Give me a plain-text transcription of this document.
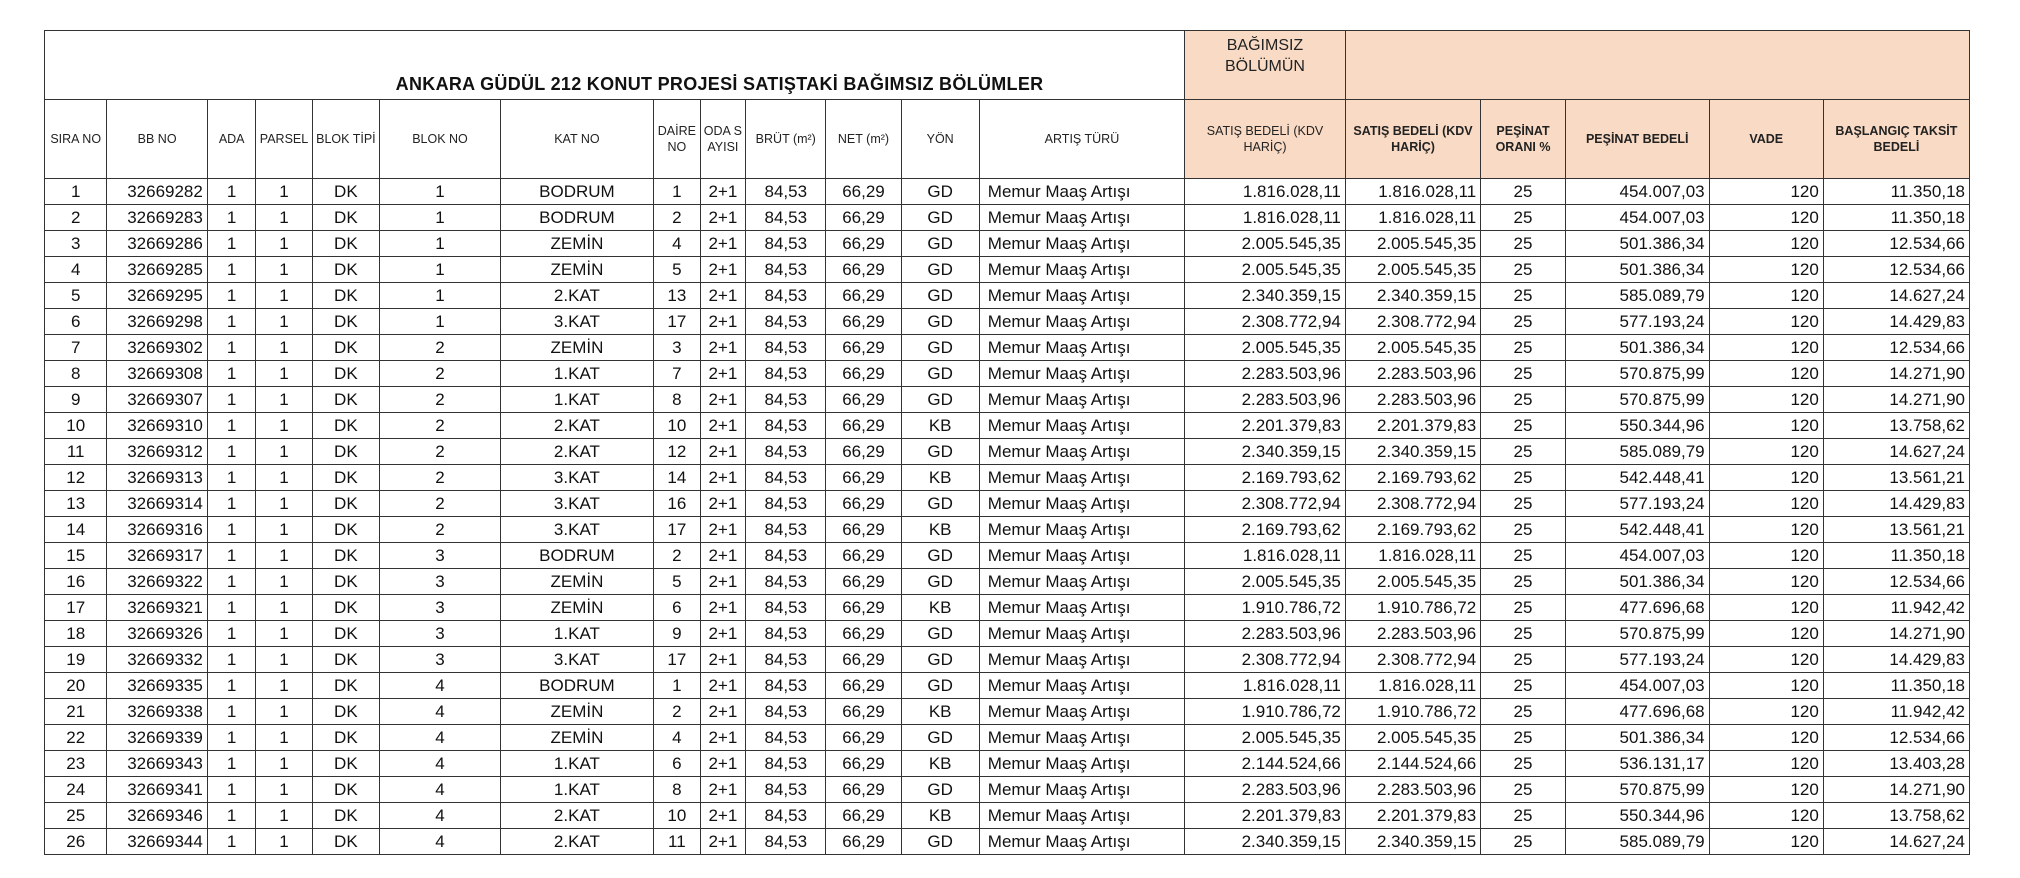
ANKARA GÜDÜL 212 KONUT PROJESİ SATIŞTAKİ BAĞIMSIZ BÖLÜMLER													BAĞIMSIZ BÖLÜMÜN					
SIRA NO	BB NO	ADA	PARSEL	BLOK TİPİ	BLOK NO	KAT NO	DAİRE NO	ODA SAYISI	BRÜT (m²)	NET (m²)	YÖN	ARTIŞ TÜRÜ	SATIŞ BEDELİ (KDV HARİÇ)	SATIŞ BEDELİ (KDV HARİÇ)	PEŞİNAT ORANI %	PEŞİNAT BEDELİ	VADE	BAŞLANGIÇ TAKSİT BEDELİ
1	32669282	1	1	DK	1	BODRUM	1	2+1	84,53	66,29	GD	Memur Maaş Artışı	1.816.028,11	1.816.028,11	25	454.007,03	120	11.350,18
2	32669283	1	1	DK	1	BODRUM	2	2+1	84,53	66,29	GD	Memur Maaş Artışı	1.816.028,11	1.816.028,11	25	454.007,03	120	11.350,18
3	32669286	1	1	DK	1	ZEMİN	4	2+1	84,53	66,29	GD	Memur Maaş Artışı	2.005.545,35	2.005.545,35	25	501.386,34	120	12.534,66
4	32669285	1	1	DK	1	ZEMİN	5	2+1	84,53	66,29	GD	Memur Maaş Artışı	2.005.545,35	2.005.545,35	25	501.386,34	120	12.534,66
5	32669295	1	1	DK	1	2.KAT	13	2+1	84,53	66,29	GD	Memur Maaş Artışı	2.340.359,15	2.340.359,15	25	585.089,79	120	14.627,24
6	32669298	1	1	DK	1	3.KAT	17	2+1	84,53	66,29	GD	Memur Maaş Artışı	2.308.772,94	2.308.772,94	25	577.193,24	120	14.429,83
7	32669302	1	1	DK	2	ZEMİN	3	2+1	84,53	66,29	GD	Memur Maaş Artışı	2.005.545,35	2.005.545,35	25	501.386,34	120	12.534,66
8	32669308	1	1	DK	2	1.KAT	7	2+1	84,53	66,29	GD	Memur Maaş Artışı	2.283.503,96	2.283.503,96	25	570.875,99	120	14.271,90
9	32669307	1	1	DK	2	1.KAT	8	2+1	84,53	66,29	GD	Memur Maaş Artışı	2.283.503,96	2.283.503,96	25	570.875,99	120	14.271,90
10	32669310	1	1	DK	2	2.KAT	10	2+1	84,53	66,29	KB	Memur Maaş Artışı	2.201.379,83	2.201.379,83	25	550.344,96	120	13.758,62
11	32669312	1	1	DK	2	2.KAT	12	2+1	84,53	66,29	GD	Memur Maaş Artışı	2.340.359,15	2.340.359,15	25	585.089,79	120	14.627,24
12	32669313	1	1	DK	2	3.KAT	14	2+1	84,53	66,29	KB	Memur Maaş Artışı	2.169.793,62	2.169.793,62	25	542.448,41	120	13.561,21
13	32669314	1	1	DK	2	3.KAT	16	2+1	84,53	66,29	GD	Memur Maaş Artışı	2.308.772,94	2.308.772,94	25	577.193,24	120	14.429,83
14	32669316	1	1	DK	2	3.KAT	17	2+1	84,53	66,29	KB	Memur Maaş Artışı	2.169.793,62	2.169.793,62	25	542.448,41	120	13.561,21
15	32669317	1	1	DK	3	BODRUM	2	2+1	84,53	66,29	GD	Memur Maaş Artışı	1.816.028,11	1.816.028,11	25	454.007,03	120	11.350,18
16	32669322	1	1	DK	3	ZEMİN	5	2+1	84,53	66,29	GD	Memur Maaş Artışı	2.005.545,35	2.005.545,35	25	501.386,34	120	12.534,66
17	32669321	1	1	DK	3	ZEMİN	6	2+1	84,53	66,29	KB	Memur Maaş Artışı	1.910.786,72	1.910.786,72	25	477.696,68	120	11.942,42
18	32669326	1	1	DK	3	1.KAT	9	2+1	84,53	66,29	GD	Memur Maaş Artışı	2.283.503,96	2.283.503,96	25	570.875,99	120	14.271,90
19	32669332	1	1	DK	3	3.KAT	17	2+1	84,53	66,29	GD	Memur Maaş Artışı	2.308.772,94	2.308.772,94	25	577.193,24	120	14.429,83
20	32669335	1	1	DK	4	BODRUM	1	2+1	84,53	66,29	GD	Memur Maaş Artışı	1.816.028,11	1.816.028,11	25	454.007,03	120	11.350,18
21	32669338	1	1	DK	4	ZEMİN	2	2+1	84,53	66,29	KB	Memur Maaş Artışı	1.910.786,72	1.910.786,72	25	477.696,68	120	11.942,42
22	32669339	1	1	DK	4	ZEMİN	4	2+1	84,53	66,29	GD	Memur Maaş Artışı	2.005.545,35	2.005.545,35	25	501.386,34	120	12.534,66
23	32669343	1	1	DK	4	1.KAT	6	2+1	84,53	66,29	KB	Memur Maaş Artışı	2.144.524,66	2.144.524,66	25	536.131,17	120	13.403,28
24	32669341	1	1	DK	4	1.KAT	8	2+1	84,53	66,29	GD	Memur Maaş Artışı	2.283.503,96	2.283.503,96	25	570.875,99	120	14.271,90
25	32669346	1	1	DK	4	2.KAT	10	2+1	84,53	66,29	KB	Memur Maaş Artışı	2.201.379,83	2.201.379,83	25	550.344,96	120	13.758,62
26	32669344	1	1	DK	4	2.KAT	11	2+1	84,53	66,29	GD	Memur Maaş Artışı	2.340.359,15	2.340.359,15	25	585.089,79	120	14.627,24
